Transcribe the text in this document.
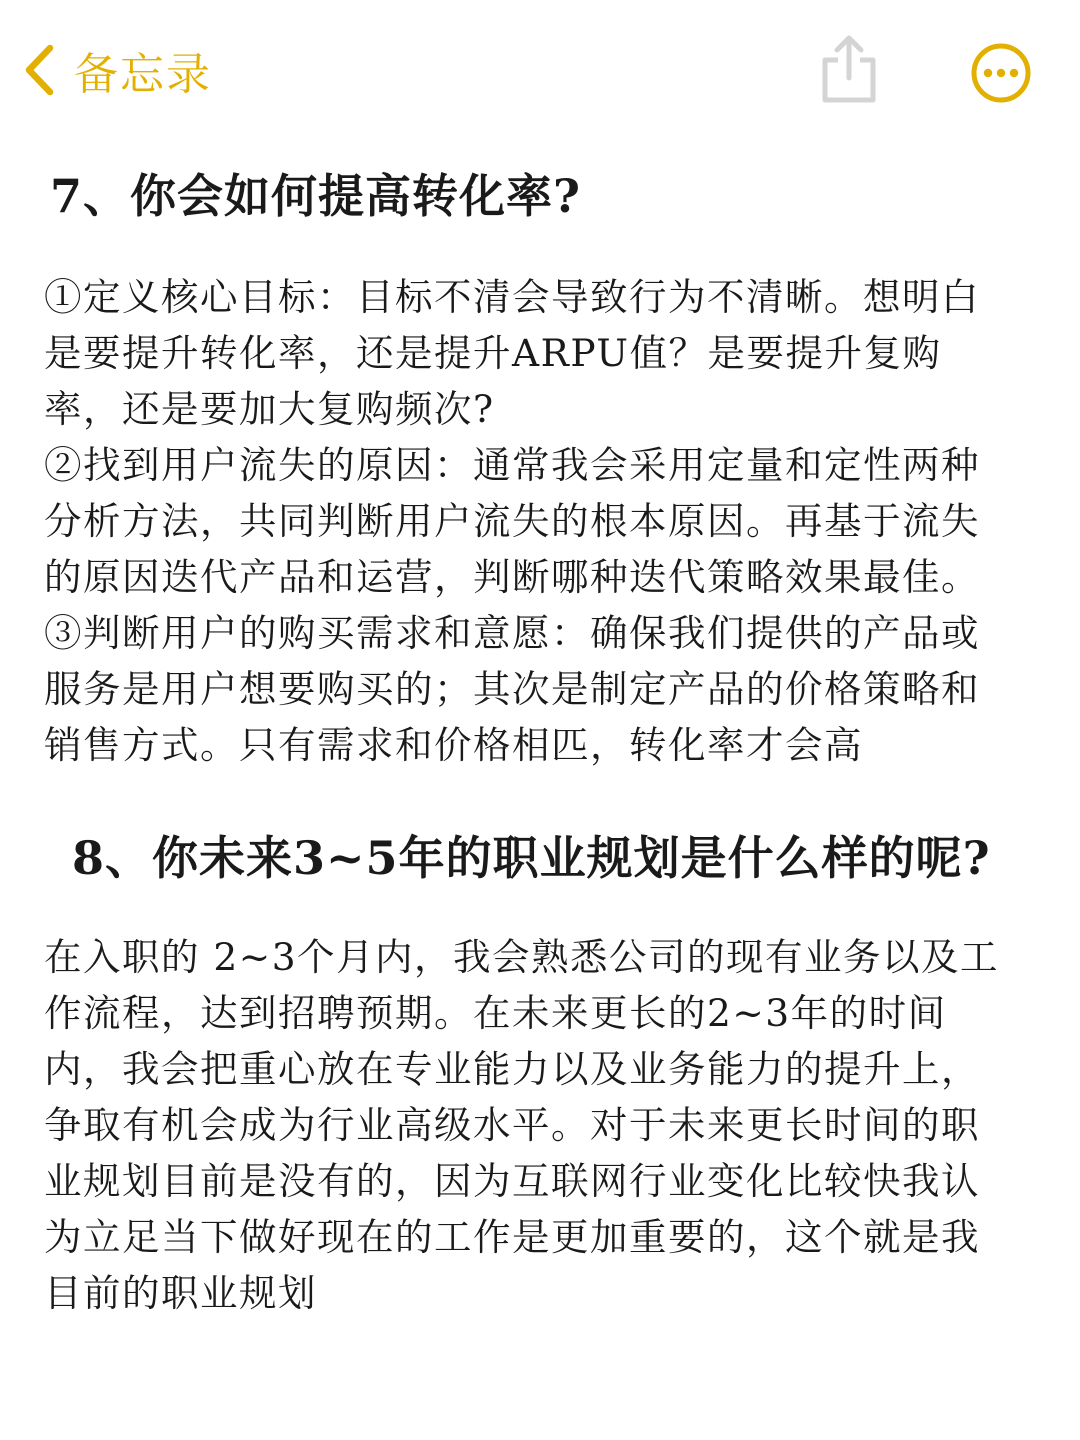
备忘录
7、你会如何提高转化率?
①定义核心目标：目标不清会导致行为不清晰。想明白
是要提升转化率，还是提升ARPU值？是要提升复购
率，还是要加大复购频次?
②找到用户流失的原因：通常我会采用定量和定性两种
分析方法，共同判断用户流失的根本原因。再基于流失
的原因迭代产品和运营，判断哪种迭代策略效果最佳。
③判断用户的购买需求和意愿：确保我们提供的产品或
服务是用户想要购买的；其次是制定产品的价格策略和
销售方式。只有需求和价格相匹，转化率才会高
8、你未来3~5年的职业规划是什么样的呢?
在入职的 2~3个月内，我会熟悉公司的现有业务以及工
作流程，达到招聘预期。在未来更长的2~3年的时间
内，我会把重心放在专业能力以及业务能力的提升上，
争取有机会成为行业高级水平。对于未来更长时间的职
业规划目前是没有的，因为互联网行业变化比较快我认
为立足当下做好现在的工作是更加重要的，这个就是我
目前的职业规划
